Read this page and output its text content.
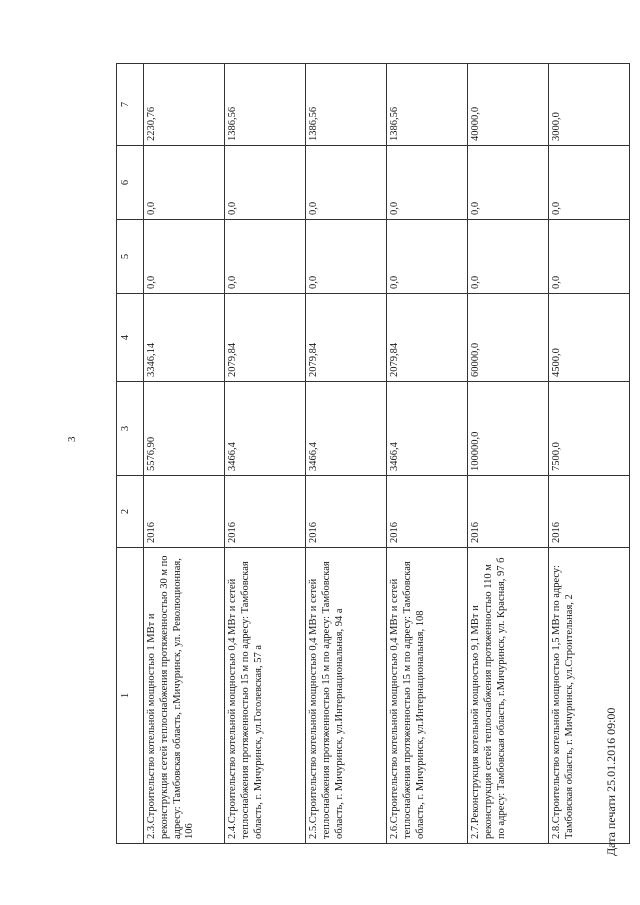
3
1	2	3	4	5	6	7
2.3.Строительство котельной мощностью 1 МВт и реконструкция сетей теплоснабжения протяженностью 30 м по адресу: Тамбовская область, г.Мичуринск, ул. Революционная, 106	2016	5576,90	3346,14	0,0	0,0	2230,76
2.4.Строительство котельной мощностью 0,4 МВт и сетей теплоснабжения протяженностью 15 м по адресу: Тамбовская область, г. Мичуринск, ул.Гоголевская, 57 а	2016	3466,4	2079,84	0,0	0,0	1386,56
2.5.Строительство котельной мощностью 0,4 МВт и сетей теплоснабжения протяженностью 15 м по адресу: Тамбовская область, г. Мичуринск, ул.Интернациональная, 94 а	2016	3466,4	2079,84	0,0	0,0	1386,56
2.6.Строительство котельной мощностью 0,4 МВт и сетей теплоснабжения протяженностью 15 м по адресу: Тамбовская область, г. Мичуринск, ул.Интернациональная, 108	2016	3466,4	2079,84	0,0	0,0	1386,56
2.7.Реконструкция котельной мощностью 9,1 МВт и реконструкция сетей теплоснабжения протяженностью 110 м по адресу: Тамбовская область, г.Мичуринск, ул. Красная, 97 б	2016	100000,0	60000,0	0,0	0,0	40000,0
2.8.Строительство котельной мощностью 1,5 МВт по адресу: Тамбовская область, г. Мичуринск, ул.Строительная, 2	2016	7500,0	4500,0	0,0	0,0	3000,0
Дата печати 25.01.2016 09:00
